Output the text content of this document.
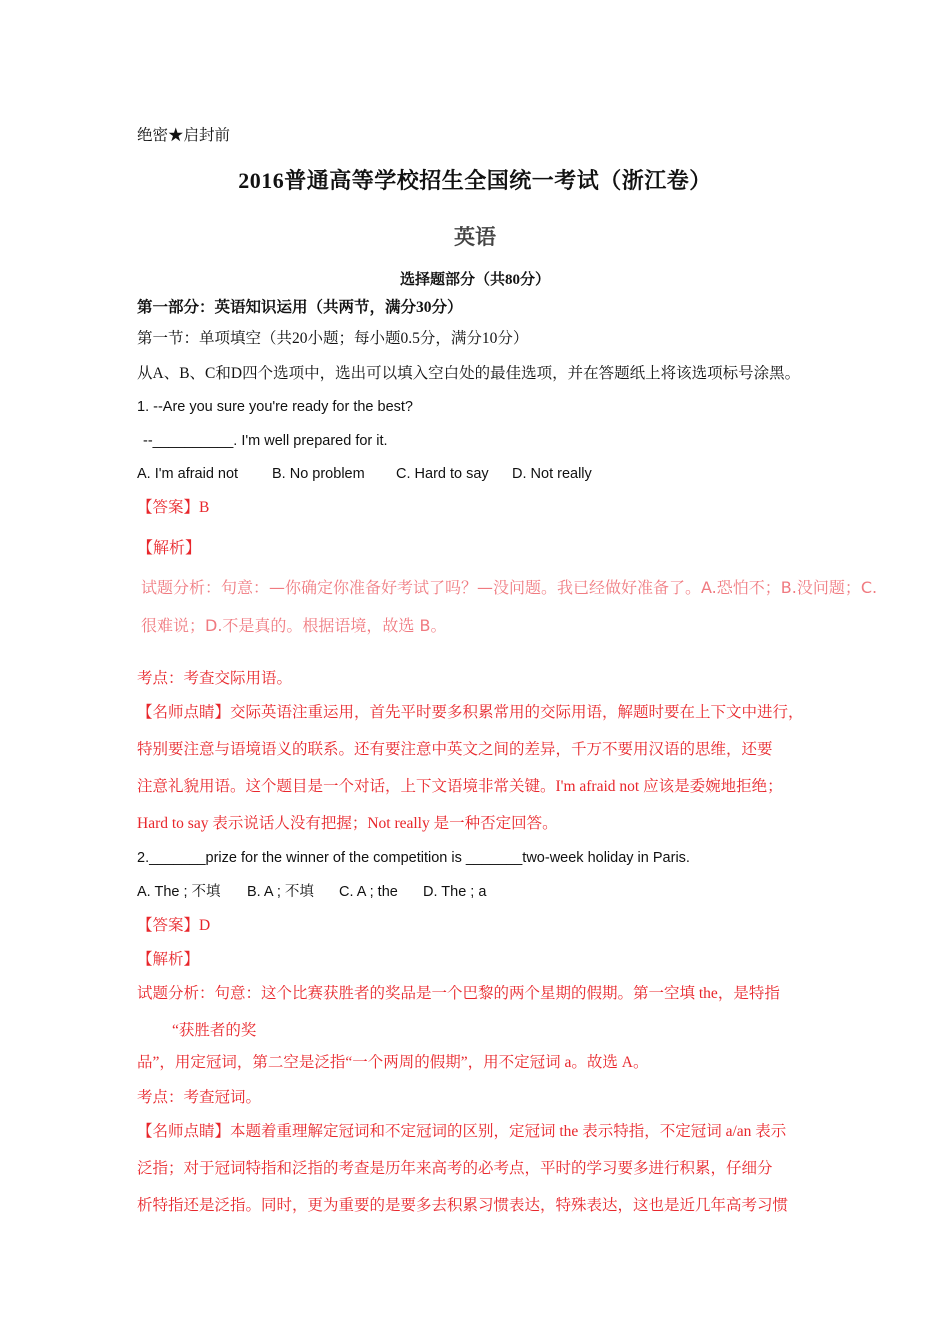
绝密★启封前
2016普通高等学校招生全国统一考试（浙江卷）
英语
选择题部分（共80分）
第一部分：英语知识运用（共两节，满分30分）
第一节：单项填空（共20小题；每小题0.5分，满分10分）
从A、B、C和D四个选项中，选出可以填入空白处的最佳选项，并在答题纸上将该选项标号涂黑。
1. --Are you sure you're ready for the best?
--__________. I'm well prepared for it.
A. I'm afraid not B. No problem C. Hard to say D. Not really
【答案】B
【解析】
试题分析：句意：—你确定你准备好考试了吗？—没问题。我已经做好准备了。A.恐怕不；B.没问题；C.
很难说；D.不是真的。根据语境，故选 B。
考点：考查交际用语。
【名师点睛】交际英语注重运用，首先平时要多积累常用的交际用语，解题时要在上下文中进行，
特别要注意与语境语义的联系。还有要注意中英文之间的差异，千万不要用汉语的思维，还要
注意礼貌用语。这个题目是一个对话，上下文语境非常关键。I'm afraid not 应该是委婉地拒绝；
Hard to say 表示说话人没有把握；Not really 是一种否定回答。
2._______prize for the winner of the competition is _______two-week holiday in Paris.
A. The ; 不填 B. A ; 不填 C. A ; the D. The ; a
【答案】D
【解析】
试题分析：句意：这个比赛获胜者的奖品是一个巴黎的两个星期的假期。第一空填 the，是特指
“获胜者的奖
品”，用定冠词，第二空是泛指“一个两周的假期”，用不定冠词 a。故选 A。
考点：考查冠词。
【名师点睛】本题着重理解定冠词和不定冠词的区别，定冠词 the 表示特指，不定冠词 a/an 表示
泛指；对于冠词特指和泛指的考查是历年来高考的必考点，平时的学习要多进行积累，仔细分
析特指还是泛指。同时，更为重要的是要多去积累习惯表达，特殊表达，这也是近几年高考习惯
